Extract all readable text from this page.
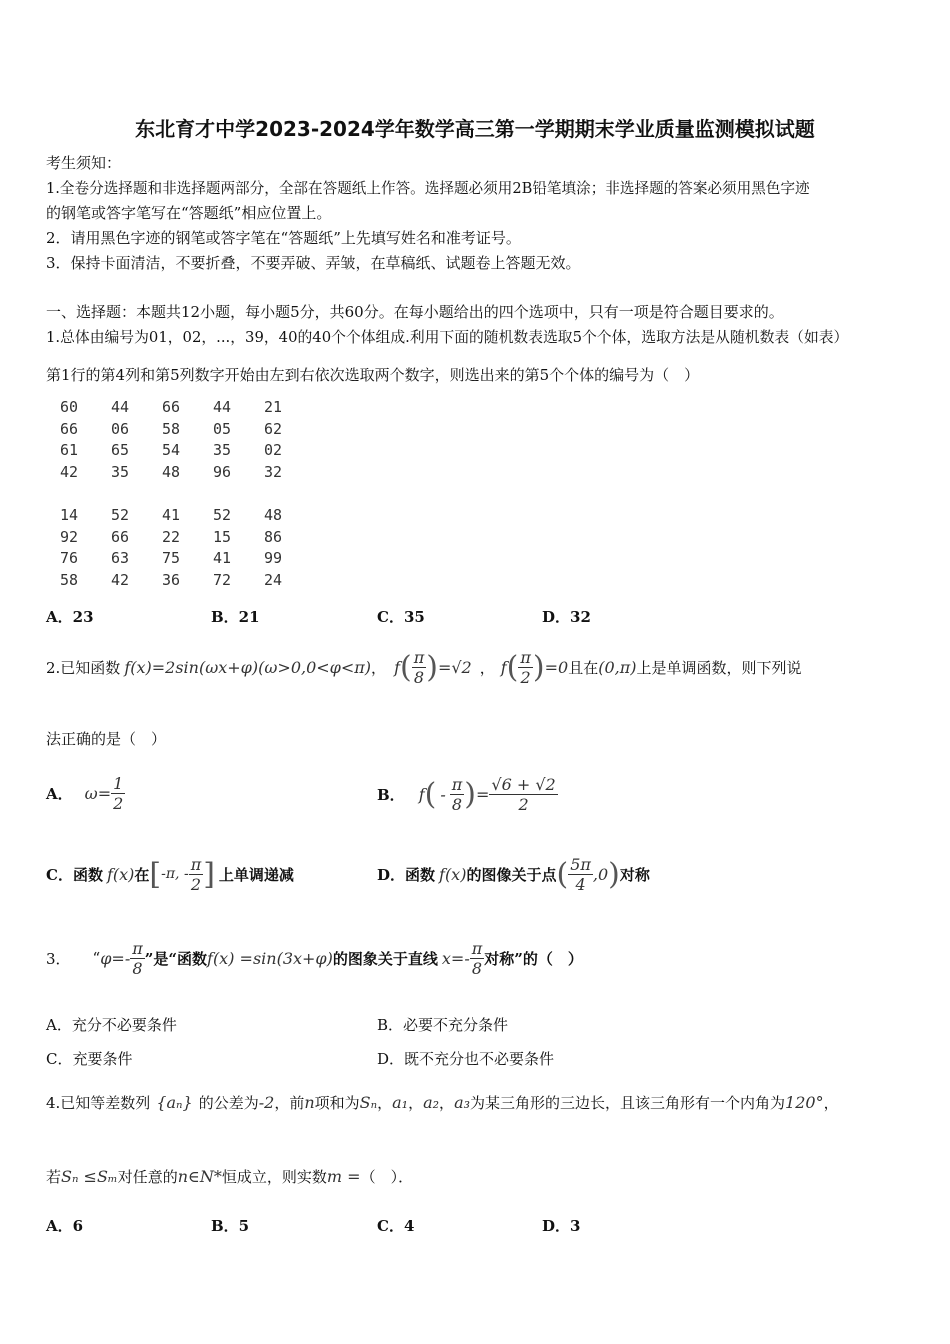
东北育才中学2023-2024学年数学高三第一学期期末学业质量监测模拟试题
考生须知：
1.全卷分选择题和非选择题两部分，全部在答题纸上作答。选择题必须用2B铅笔填涂；非选择题的答案必须用黑色字迹
的钢笔或答字笔写在“答题纸”相应位置上。
2．请用黑色字迹的钢笔或答字笔在“答题纸”上先填写姓名和准考证号。
3．保持卡面清洁，不要折叠，不要弄破、弄皱，在草稿纸、试题卷上答题无效。
一、选择题：本题共12小题，每小题5分，共60分。在每小题给出的四个选项中，只有一项是符合题目要求的。
1.总体由编号为01，02，...，39，40的40个个体组成.利用下面的随机数表选取5个个体，选取方法是从随机数表（如表）
第1行的第4列和第5列数字开始由左到右依次选取两个数字，则选出来的第5个个体的编号为（　）
60 44 66 44 21
66 06 58 05 62
61 65 54 35 02
42 35 48 96 32
14 52 41 52 48
92 66 22 15 86
76 63 75 41 99
58 42 36 72 24
A．23	B．21	C．35	D．32
2.已知函数 f(x)=2sin(ωx+φ)(ω>0,0<φ<π) ， f ( $\frac{\pi}{8}$ ) =√2 ， f ( $\frac{\pi}{2}$ ) =0 且在 (0,π) 上是单调函数，则下列说
法正确的是（　）
A． $\omega= \frac{1}{2}$	B． f ( - $\frac{\pi}{8}$ ) = $\frac{√6 + √2}{2}$
C．函数 f(x) 在 [ -π, - $\frac{\pi}{2}$ ] 上单调递减	D．函数 f(x) 的图像关于点 ( $\frac{5\pi}{4} ,0$ ) 对称
3． “ $\varphi=- \frac{\pi}{8}$ ”是“函数 f(x) =sin(3x+φ) 的图象关于直线 $x=- \frac{\pi}{8}$ 对称”的（　）
A．充分不必要条件	B．必要不充分条件
C．充要条件	D．既不充分也不必要条件
4.已知等差数列 {aₙ} 的公差为 -2 ，前 n 项和为 Sₙ ， a₁ ， a₂ ， a₃ 为某三角形的三边长，且该三角形有一个内角为 120° ，
若 Sₙ ≤Sₘ 对任意的 n∈N* 恒成立，则实数 m = （　）．
A．6	B．5	C．4	D．3
